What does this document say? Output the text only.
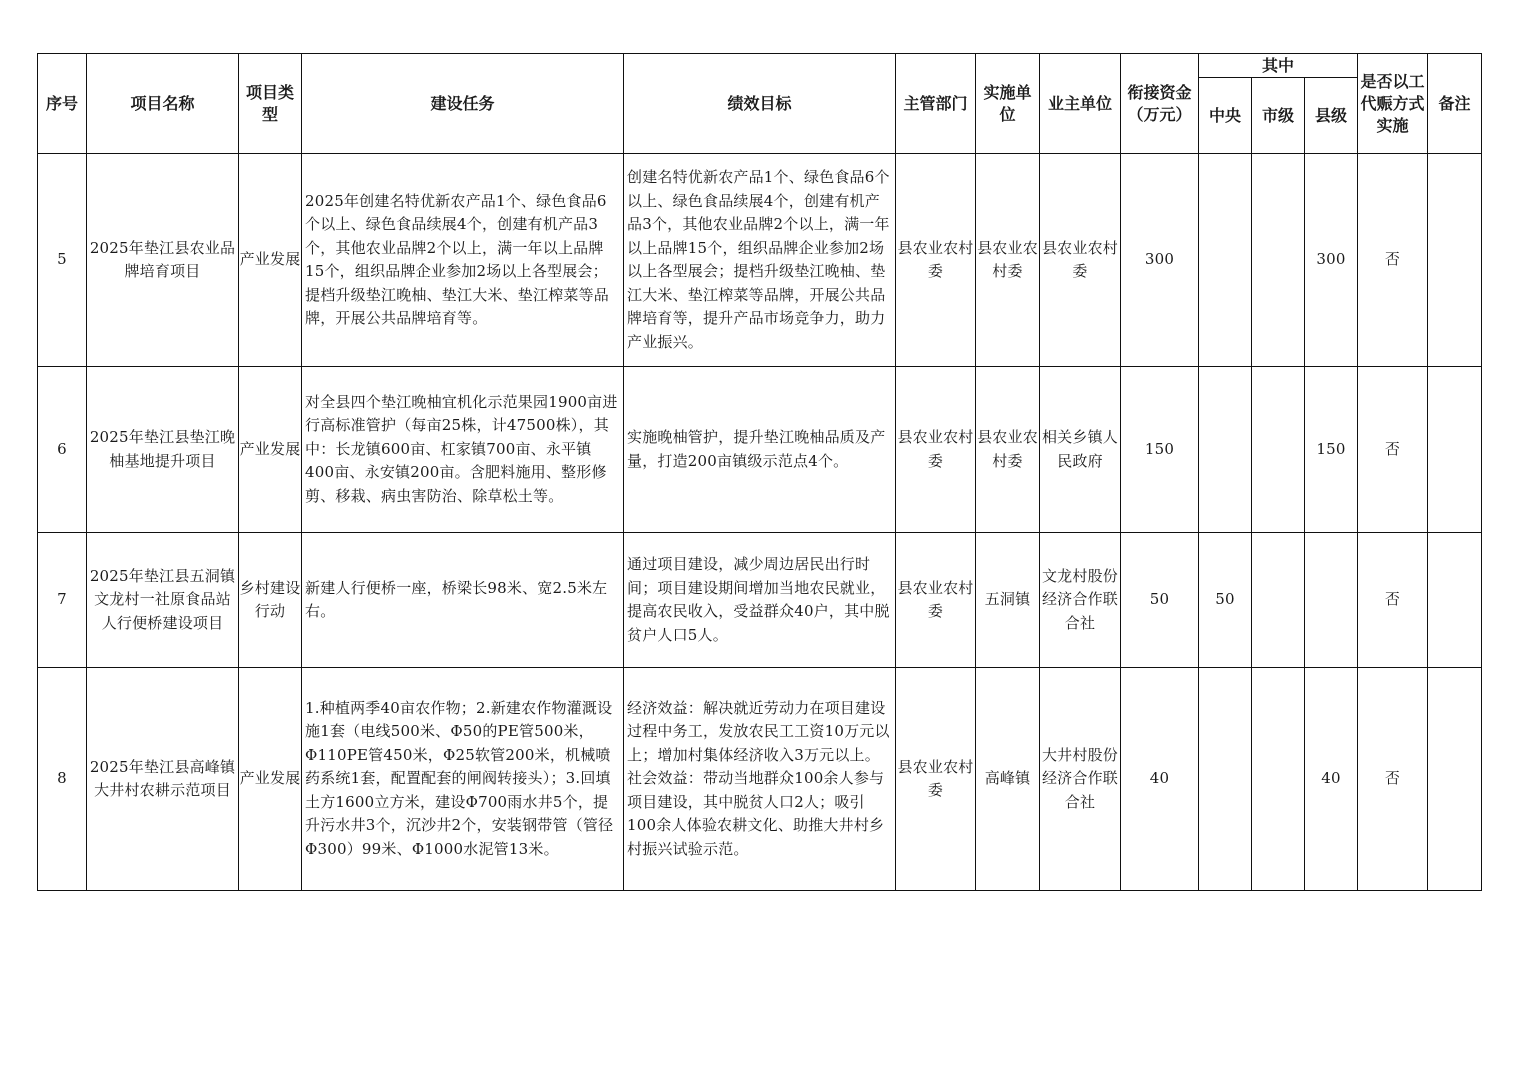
序号	项目名称	项目类型	建设任务	绩效目标	主管部门	实施单位	业主单位	衔接资金（万元）	其中			是否以工代赈方式实施	备注
									中央	市级	县级		
5	2025年垫江县农业品牌培育项目	产业发展	2025年创建名特优新农产品1个、绿色食品6个以上、绿色食品续展4个，创建有机产品3个，其他农业品牌2个以上，满一年以上品牌15个，组织品牌企业参加2场以上各型展会；提档升级垫江晚柚、垫江大米、垫江榨菜等品牌，开展公共品牌培育等。	创建名特优新农产品1个、绿色食品6个以上、绿色食品续展4个，创建有机产品3个，其他农业品牌2个以上，满一年以上品牌15个，组织品牌企业参加2场以上各型展会；提档升级垫江晚柚、垫江大米、垫江榨菜等品牌，开展公共品牌培育等，提升产品市场竞争力，助力产业振兴。	县农业农村委	县农业农村委	县农业农村委	300			300	否	
6	2025年垫江县垫江晚柚基地提升项目	产业发展	对全县四个垫江晚柚宜机化示范果园1900亩进行高标准管护（每亩25株，计47500株），其中：长龙镇600亩、杠家镇700亩、永平镇400亩、永安镇200亩。含肥料施用、整形修剪、移栽、病虫害防治、除草松土等。	实施晚柚管护，提升垫江晚柚品质及产量，打造200亩镇级示范点4个。	县农业农村委	县农业农村委	相关乡镇人民政府	150			150	否	
7	2025年垫江县五洞镇文龙村一社原食品站人行便桥建设项目	乡村建设行动	新建人行便桥一座，桥梁长98米、宽2.5米左右。	通过项目建设，减少周边居民出行时间；项目建设期间增加当地农民就业，提高农民收入，受益群众40户，其中脱贫户人口5人。	县农业农村委	五洞镇	文龙村股份经济合作联合社	50	50			否	
8	2025年垫江县高峰镇大井村农耕示范项目	产业发展	1.种植两季40亩农作物；2.新建农作物灌溉设施1套（电线500米、Φ50的PE管500米，Φ110PE管450米，Φ25软管200米，机械喷药系统1套，配置配套的闸阀转接头）；3.回填土方1600立方米，建设Φ700雨水井5个，提升污水井3个，沉沙井2个，安装钢带管（管径Φ300）99米、Φ1000水泥管13米。	经济效益：解决就近劳动力在项目建设过程中务工，发放农民工工资10万元以上；增加村集体经济收入3万元以上。社会效益：带动当地群众100余人参与项目建设，其中脱贫人口2人；吸引100余人体验农耕文化、助推大井村乡村振兴试验示范。	县农业农村委	高峰镇	大井村股份经济合作联合社	40			40	否	
